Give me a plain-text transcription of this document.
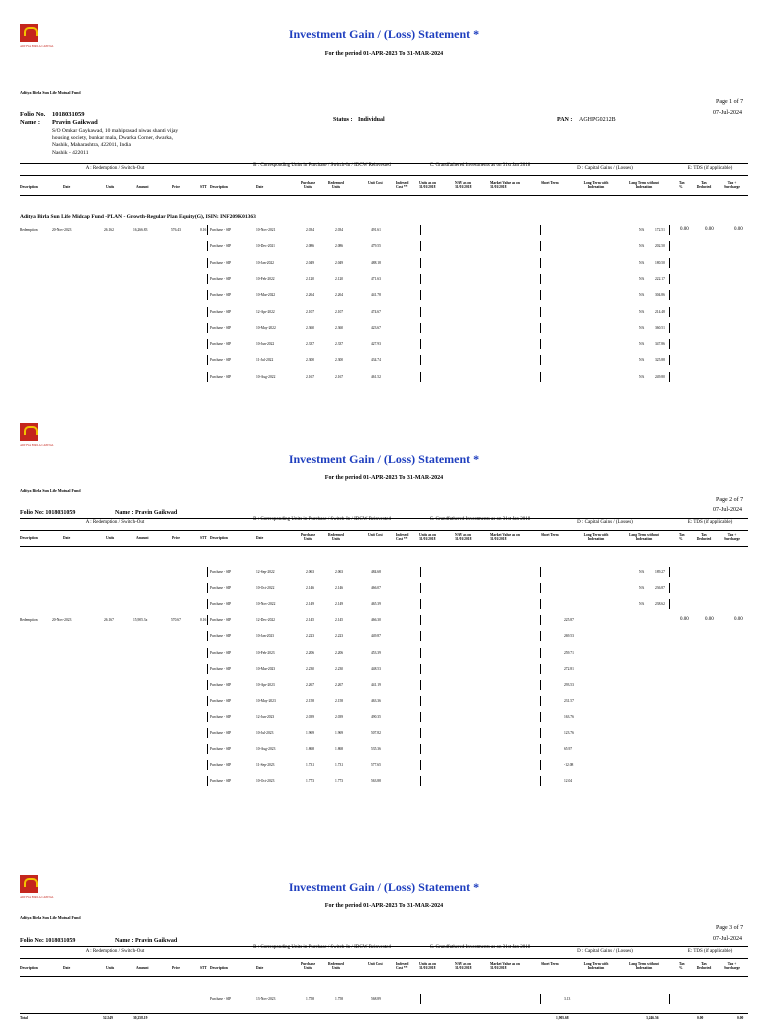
ADITYA BIRLA CAPITAL
Investment Gain / (Loss) Statement *
For the period 01-APR-2023 To 31-MAR-2024
Aditya Birla Sun Life Mutual Fund
Page 1 of 7
07-Jul-2024
Folio No. 1018031059
Name : Pravin Gaikwad	Status : Individual	PAN : AGHPG0212B
S/O Omkar Gaykawad, 10 mahiprasad niwas shanti vijay
housing society, bunkar mala, Dwarka Corner, dwarka,
Nashik, Maharashtra, 422011, India
Nashik - 422011
A : Redemption / Switch-Out
B : Corresponding Units in Purchase / Switch-In / IDCW Reinvested	C. Grandfathered Investments as on 31st Jan 2018
D : Capital Gains / (Losses)	E: TDS (if applicable)
Description	Date	Units	Amount	Price	STT Description	Date
Purchase Units
Redeemed Units
Unit Cost	Indexed Cost **
Units as on 31/01/2018
NAV as on 31/01/2018
Market Value as on 31/01/2018
Short Term	Long Term with Indexation
Long Term without Indexation
Tax %
Tax Deducted
Tax + Surcharge
Aditya Birla Sun Life Midcap Fund -PLAN - Growth-Regular Plan Equity(G), ISIN: INF209K01363
Redemption	20-Nov-2023	26.162	16,266.83	576.43	0.16	0.00	0.00	0.00
Purchase - SIP	10-Nov-2021	2.034	2.034	491.61	NA	172.51
Purchase - SIP	10-Dec-2021	2.086	2.086	479.55	NA	202.50
Purchase - SIP	10-Jan-2022	2.049	2.049	488.18	NA	180.50
Purchase - SIP	10-Feb-2022	2.120	2.120	471.63	NA	222.17
Purchase - SIP	10-Mar-2022	2.264	2.264	441.78	NA	304.86
Purchase - SIP	12-Apr-2022	2.107	2.107	474.67	NA	214.48
Purchase - SIP	10-May-2022	2.360	2.360	423.67	NA	360.51
Purchase - SIP	10-Jun-2022	2.337	2.337	427.93	NA	347.86
Purchase - SIP	11-Jul-2022	2.300	2.300	434.74	NA	325.88
Purchase - SIP	10-Aug-2022	2.167	2.167	461.52	NA	249.80
ADITYA BIRLA CAPITAL
Investment Gain / (Loss) Statement *
For the period 01-APR-2023 To 31-MAR-2024
Aditya Birla Sun Life Mutual Fund
Page 2 of 7
07-Jul-2024
Folio No: 1018031059	Name : Pravin Gaikwad
A : Redemption / Switch-Out
B : Corresponding Units in Purchase / Switch-In / IDCW Reinvested	C. Grandfathered Investments as on 31st Jan 2018
D : Capital Gains / (Losses)	E: TDS (if applicable)
Description	Date	Units	Amount	Price	STT Description	Date
Purchase Units
Redeemed Units
Unit Cost	Indexed Cost **
Units as on 31/01/2018
NAV as on 31/01/2018
Market Value as on 31/01/2018
Short Term	Long Term with Indexation
Long Term without Indexation
Tax %
Tax Deducted
Tax + Surcharge
Redemption	20-Nov-2023	26.167	15,905.3x	570.67	0.16	0.00	0.00	0.00
Purchase - SIP	12-Sep-2022	2.063	2.063	484.68	NA	189.27
Purchase - SIP	10-Oct-2022	2.146	2.146	466.07	NA	236.87
Purchase - SIP	10-Nov-2022	2.149	2.149	465.39	NA	238.62
Purchase - SIP	12-Dec-2022	2.145	2.145	466.30	225.87
Purchase - SIP	10-Jan-2023	2.223	2.223	449.87	269.53
Purchase - SIP	10-Feb-2023	2.206	2.206	453.39	259.71
Purchase - SIP	10-Mar-2023	2.230	2.230	448.53	272.81
Purchase - SIP	10-Apr-2023	2.267	2.267	441.19	293.53
Purchase - SIP	10-May-2023	2.158	2.158	463.36	231.57
Purchase - SIP	12-Jun-2023	2.039	2.039	490.35	163.76
Purchase - SIP	10-Jul-2023	1.969	1.969	507.82	123.76
Purchase - SIP	10-Aug-2023	1.868	1.868	535.36	65.97
Purchase - SIP	11-Sep-2023	1.731	1.731	577.65	-12.08
Purchase - SIP	10-Oct-2023	1.773	1.773	563.88	12.04
ADITYA BIRLA CAPITAL
Investment Gain / (Loss) Statement *
For the period 01-APR-2023 To 31-MAR-2024
Aditya Birla Sun Life Mutual Fund
Page 3 of 7
07-Jul-2024
Folio No: 1018031059	Name : Pravin Gaikwad
A : Redemption / Switch-Out
B : Corresponding Units in Purchase / Switch-In / IDCW Reinvested	C. Grandfathered Investments as on 31st Jan 2018
D : Capital Gains / (Losses)	E: TDS (if applicable)
Description	Date	Units	Amount	Price	STT Description	Date
Purchase Units
Redeemed Units
Unit Cost	Indexed Cost **
Units as on 31/01/2018
NAV as on 31/01/2018
Market Value as on 31/01/2018
Short Term	Long Term with Indexation
Long Term without Indexation
Tax %
Tax Deducted
Tax + Surcharge
Purchase - SIP	13-Nov-2023	1.758	1.758	568.89	3.13
Total	52.549	30,258.19	1,905.68	3,246.56	0.00	0.00
